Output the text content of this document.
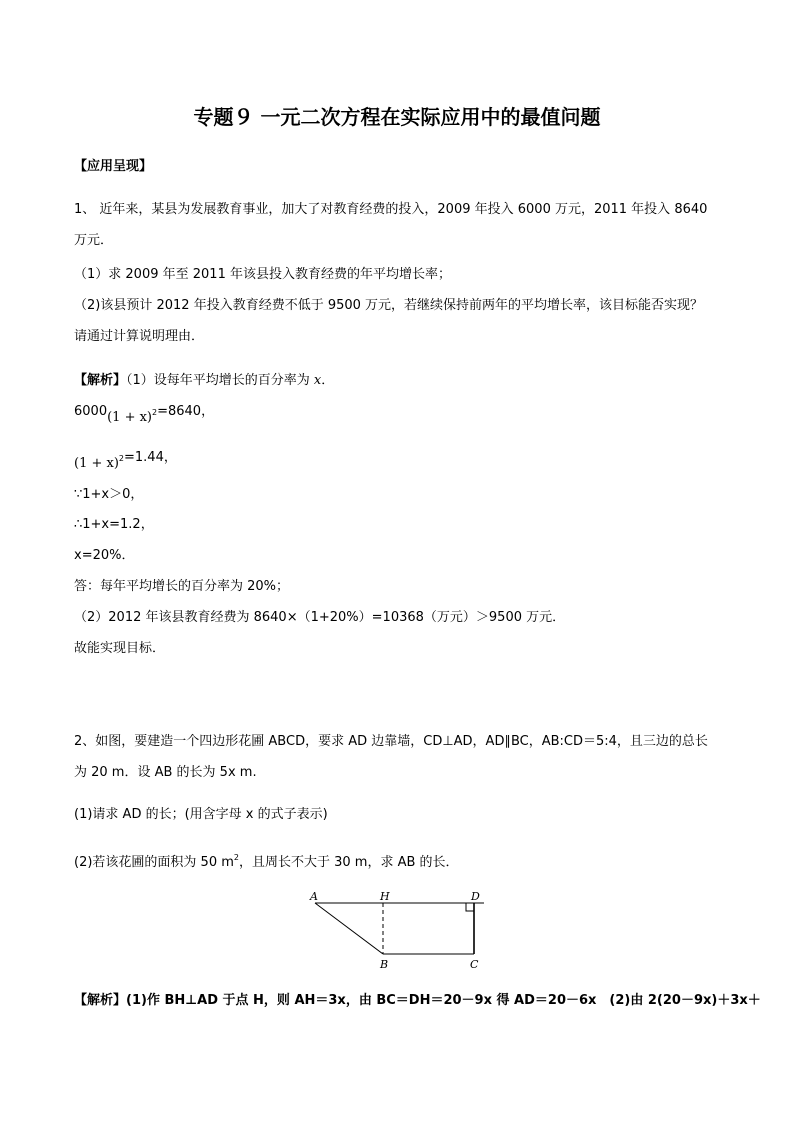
专题９ 一元二次方程在实际应用中的最值问题
【应用呈现】
1、 近年来，某县为发展教育事业，加大了对教育经费的投入，2009 年投入 6000 万元，2011 年投入 8640
万元．
（1）求 2009 年至 2011 年该县投入教育经费的年平均增长率；
（2)该县预计 2012 年投入教育经费不低于 9500 万元，若继续保持前两年的平均增长率，该目标能否实现？
请通过计算说明理由．
【解析】（1）设每年平均增长的百分率为 x．
$6000(1 + x)^2=8640$，
$(1 + x)^2=1.44$，
∵1+x＞0，
∴1+x=1.2，
x=20%．
答：每年平均增长的百分率为 20%；
（2）2012 年该县教育经费为 8640×（1+20%）=10368（万元）＞9500 万元．
故能实现目标．
2、如图，要建造一个四边形花圃 ABCD，要求 AD 边靠墙，CD⊥AD，AD∥BC，AB:CD＝5:4，且三边的总长
为 20 m．设 AB 的长为 5x m.
(1)请求 AD 的长；(用含字母 x 的式子表示)
(2)若该花圃的面积为 50 $m^2$，且周长不大于 30 m，求 AB 的长．
A	H	D
B	C
【解析】(1)作 BH⊥AD 于点 H，则 AH＝3x，由 BC＝DH＝20－9x 得 AD＝20－6x　(2)由 2(20－9x)＋3x＋
